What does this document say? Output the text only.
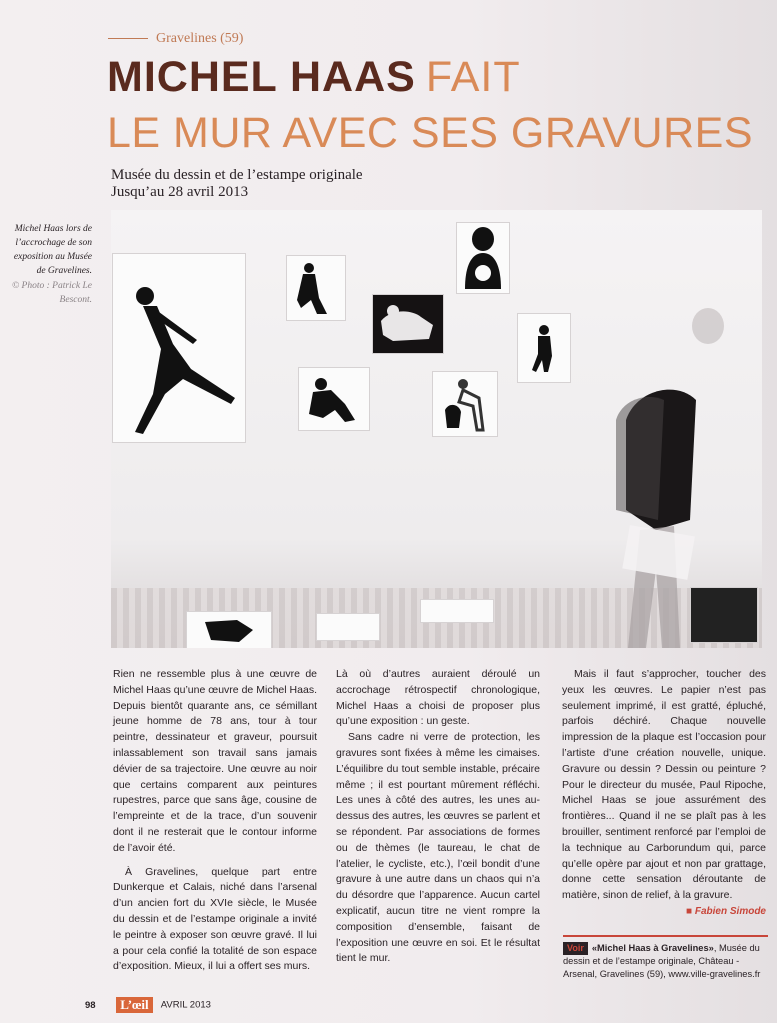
Gravelines (59)
MICHEL HAAS FAIT
LE MUR AVEC SES GRAVURES
Musée du dessin et de l’estampe originale
Jusqu’au 28 avril 2013
Michel Haas lors de l’accrochage de son exposition au Musée de Gravelines.
© Photo : Patrick Le Bescont.

Rien ne ressemble plus à une œuvre de Michel Haas qu’une œuvre de Michel Haas. Depuis bientôt quarante ans, ce sémillant jeune homme de 78 ans, tour à tour peintre, dessinateur et graveur, poursuit inlassablement son travail sans jamais dévier de sa trajectoire. Une œuvre au noir que certains comparent aux peintures rupestres, parce que sans âge, cousine de l’empreinte et de la trace, d’un souvenir dont il ne resterait que le contour informe de l’avoir été.

À Gravelines, quelque part entre Dunkerque et Calais, niché dans l’arsenal d’un ancien fort du XVIe siècle, le Musée du dessin et de l’estampe originale a invité le peintre à exposer son œuvre gravé. Il lui a pour cela confié la totalité de son espace d’exposition. Mieux, il lui a offert ses murs.

Là où d’autres auraient déroulé un accrochage rétrospectif chronologique, Michel Haas a choisi de proposer plus qu’une exposition : un geste.

Sans cadre ni verre de protection, les gravures sont fixées à même les cimaises. L’équilibre du tout semble instable, précaire même ; il est pourtant mûrement réfléchi. Les unes à côté des autres, les unes au-dessus des autres, les œuvres se parlent et se répondent. Par associations de formes ou de thèmes (le taureau, le chat de l’atelier, le cycliste, etc.), l’œil bondit d’une gravure à une autre dans un chaos qui n’a du désordre que l’apparence. Aucun cartel explicatif, aucun titre ne vient rompre la composition d’ensemble, faisant de l’exposition une œuvre en soi. Et le résultat tient le mur.

Mais il faut s’approcher, toucher des yeux les œuvres. Le papier n’est pas seulement imprimé, il est gratté, épluché, parfois déchiré. Chaque nouvelle impression de la plaque est l’occasion pour l’artiste d’une création nouvelle, unique. Gravure ou dessin ? Dessin ou peinture ? Pour le directeur du musée, Paul Ripoche, Michel Haas se joue assurément des frontières... Quand il ne se plaît pas à les brouiller, sentiment renforcé par l’emploi de la technique au Carborundum qui, parce qu’elle opère par ajout et non par grattage, donne cette sensation déroutante de matière, sinon de relief, à la gravure.

■ Fabien Simode
Voir «Michel Haas à Gravelines», Musée du dessin et de l’estampe originale, Château - Arsenal, Gravelines (59), www.ville-gravelines.fr
98 L’œil AVRIL 2013
